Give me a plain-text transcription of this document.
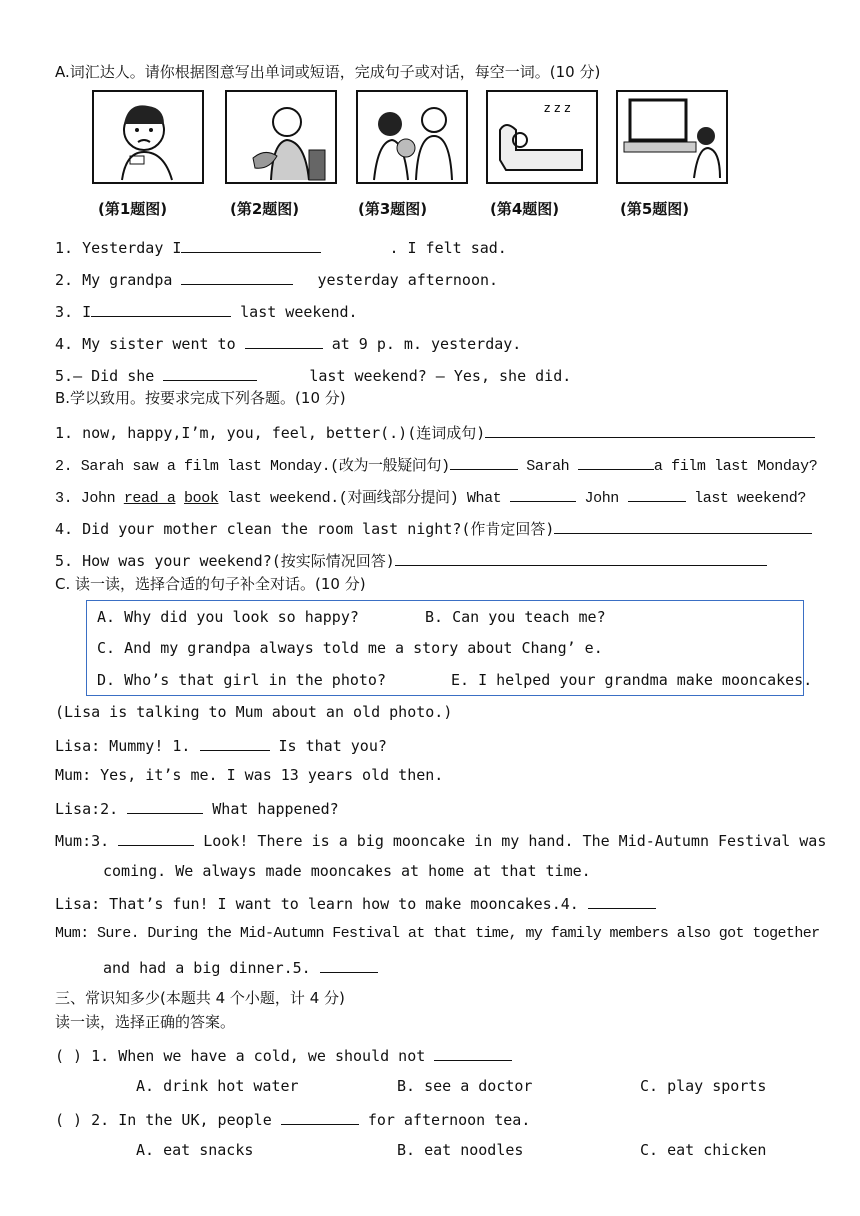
A.词汇达人。请你根据图意写出单词或短语，完成句子或对话，每空一词。(10 分)
z z z
(第1题图)	(第2题图)	(第3题图)	(第4题图)	(第5题图)
1. Yesterday I	. I felt sad.
2. My grandpa	yesterday afternoon.
3. I	last weekend.
4. My sister went to	at 9 p. m. yesterday.
5.— Did she	last weekend? — Yes, she did.
B.学以致用。按要求完成下列各题。(10 分)
1. now, happy,I’m, you, feel, better(.)(连词成句)
2. Sarah saw a film last Monday.(改为一般疑问句)	Sarah	a film last Monday?
3. John read a book last weekend.(对画线部分提问) What	John	last weekend?
4. Did your mother clean the room last night?(作肯定回答)
5. How was your weekend?(按实际情况回答)
C. 读一读，选择合适的句子补全对话。(10 分)
A. Why did you look so happy?	B. Can you teach me?
C. And my grandpa always told me a story about Chang’ e.
D. Who’s that girl in the photo?	E. I helped your grandma make mooncakes.
(Lisa is talking to Mum about an old photo.)
Lisa: Mummy! 1.	Is that you?
Mum: Yes, it’s me. I was 13 years old then.
Lisa:2.	What happened?
Mum:3.	Look! There is a big mooncake in my hand. The Mid-Autumn Festival was
coming. We always made mooncakes at home at that time.
Lisa: That’s fun! I want to learn how to make mooncakes.4.
Mum: Sure. During the Mid-Autumn Festival at that time, my family members also got together
and had a big dinner.5.
三、常识知多少(本题共 4 个小题，计 4 分)
读一读，选择正确的答案。
( ) 1. When we have a cold, we should not
A. drink hot water	B. see a doctor	C. play sports
( ) 2. In the UK, people	for afternoon tea.
A. eat snacks	B. eat noodles	C. eat chicken
